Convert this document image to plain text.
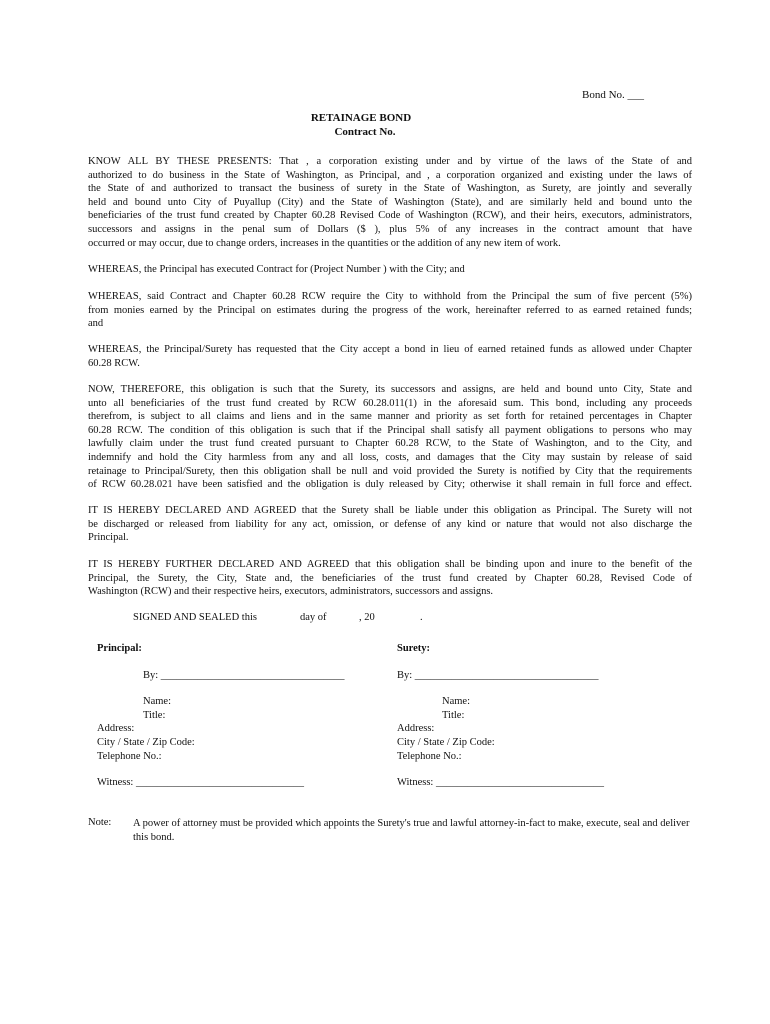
Bond No. ___
RETAINAGE BOND
Contract No.
KNOW ALL BY THESE PRESENTS: That , a corporation existing under and by virtue of the laws of the State of and
authorized to do business in the State of Washington, as Principal, and , a corporation organized and existing under the laws of
the State of and authorized to transact the business of surety in the State of Washington, as Surety, are jointly and severally
held and bound unto City of Puyallup (City) and the State of Washington (State), and are similarly held and bound unto the
beneficiaries of the trust fund created by Chapter 60.28 Revised Code of Washington (RCW), and their heirs, executors, administrators,
successors and assigns in the penal sum of Dollars ($ ), plus 5% of any increases in the contract amount that have
occurred or may occur, due to change orders, increases in the quantities or the addition of any new item of work.
WHEREAS, the Principal has executed Contract for (Project Number ) with the City; and
WHEREAS, said Contract and Chapter 60.28 RCW require the City to withhold from the Principal the sum of five percent (5%)
from monies earned by the Principal on estimates during the progress of the work, hereinafter referred to as earned retained funds;
and
WHEREAS, the Principal/Surety has requested that the City accept a bond in lieu of earned retained funds as allowed under Chapter
60.28 RCW.
NOW, THEREFORE, this obligation is such that the Surety, its successors and assigns, are held and bound unto City, State and
unto all beneficiaries of the trust fund created by RCW 60.28.011(1) in the aforesaid sum. This bond, including any proceeds
therefrom, is subject to all claims and liens and in the same manner and priority as set forth for retained percentages in Chapter
60.28 RCW. The condition of this obligation is such that if the Principal shall satisfy all payment obligations to persons who may
lawfully claim under the trust fund created pursuant to Chapter 60.28 RCW, to the State of Washington, and to the City, and
indemnify and hold the City harmless from any and all loss, costs, and damages that the City may sustain by release of said
retainage to Principal/Surety, then this obligation shall be null and void provided the Surety is notified by City that the requirements
of RCW 60.28.021 have been satisfied and the obligation is duly released by City; otherwise it shall remain in full force and effect.
IT IS HEREBY DECLARED AND AGREED that the Surety shall be liable under this obligation as Principal. The Surety will not
be discharged or released from liability for any act, omission, or defense of any kind or nature that would not also discharge the
Principal.
IT IS HEREBY FURTHER DECLARED AND AGREED that this obligation shall be binding upon and inure to the benefit of the
Principal, the Surety, the City, State and, the beneficiaries of the trust fund created by Chapter 60.28, Revised Code of
Washington (RCW) and their respective heirs, executors, administrators, successors and assigns.
SIGNED AND SEALED this	day of	, 20	.
Principal:
By: ___________________________________
Name:
Title:
Address:
City / State / Zip Code:
Telephone No.:
Witness: ________________________________
Surety:
By: ___________________________________
Name:
Title:
Address:
City / State / Zip Code:
Telephone No.:
Witness: ________________________________
Note: A power of attorney must be provided which appoints the Surety's true and lawful attorney-in-fact to make, execute, seal and deliver this bond.
